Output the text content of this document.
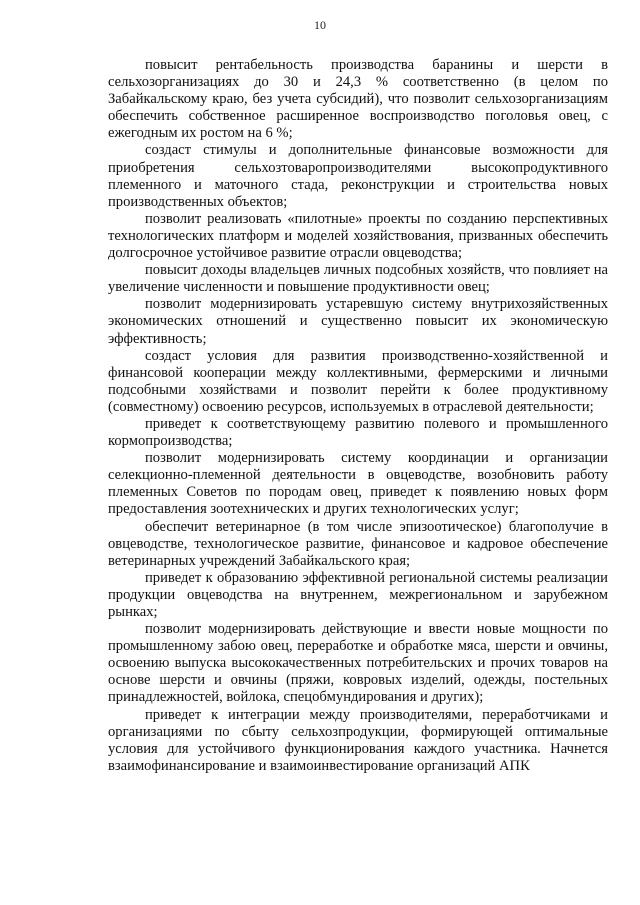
10

повысит рентабельность производства баранины и шерсти в сельхозорганизациях до 30 и 24,3 % соответственно (в целом по Забайкальскому краю, без учета субсидий), что позволит сельхозорганизациям обеспечить собственное расширенное воспроизводство поголовья овец, с ежегодным их ростом на 6 %;

создаст стимулы и дополнительные финансовые возможности для приобретения сельхозтоваропроизводителями высокопродуктивного племенного и маточного стада, реконструкции и строительства новых производственных объектов;

позволит реализовать «пилотные» проекты по созданию перспективных технологических платформ и моделей хозяйствования, призванных обеспечить долгосрочное устойчивое развитие отрасли овцеводства;

повысит доходы владельцев личных подсобных хозяйств, что повлияет на увеличение численности и повышение продуктивности овец;

позволит модернизировать устаревшую систему внутрихозяйственных экономических отношений и существенно повысит их экономическую эффективность;

создаст условия для развития производственно-хозяйственной и финансовой кооперации между коллективными, фермерскими и личными подсобными хозяйствами и позволит перейти к более продуктивному (совместному) освоению ресурсов, используемых в отраслевой деятельности;

приведет к соответствующему развитию полевого и промышленного кормопроизводства;

позволит модернизировать систему координации и организации селекционно-племенной деятельности в овцеводстве, возобновить работу племенных Советов по породам овец, приведет к появлению новых форм предоставления зоотехнических и других технологических услуг;

обеспечит ветеринарное (в том числе эпизоотическое) благополучие в овцеводстве, технологическое развитие, финансовое и кадровое обеспечение ветеринарных учреждений Забайкальского края;

приведет к образованию эффективной региональной системы реализации продукции овцеводства на внутреннем, межрегиональном и зарубежном рынках;

позволит модернизировать действующие и ввести новые мощности по промышленному забою овец, переработке и обработке мяса, шерсти и овчины, освоению выпуска высококачественных потребительских и прочих товаров на основе шерсти и овчины (пряжи, ковровых изделий, одежды, постельных принадлежностей, войлока, спецобмундирования и других);

приведет к интеграции между производителями, переработчиками и организациями по сбыту сельхозпродукции, формирующей оптимальные условия для устойчивого функционирования каждого участника. Начнется взаимофинансирование и взаимоинвестирование организаций АПК
